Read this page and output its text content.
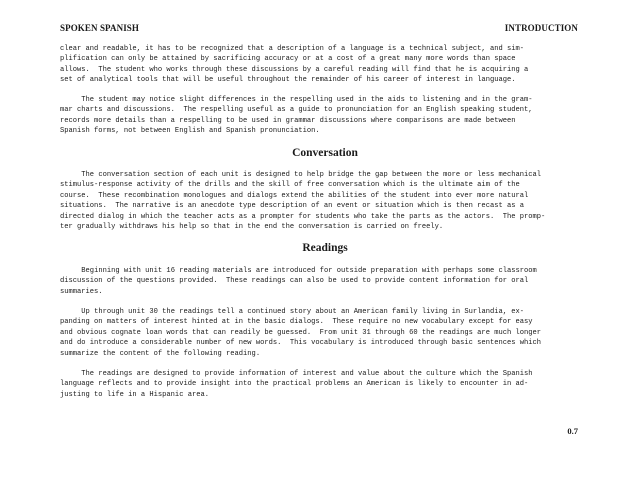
SPOKEN SPANISH	INTRODUCTION

clear and readable, it has to be recognized that a description of a language is a technical subject, and sim-
plification can only be attained by sacrificing accuracy or at a cost of a great many more words than space
allows.  The student who works through these discussions by a careful reading will find that he is acquiring a
set of analytical tools that will be useful throughout the remainder of his career of interest in language.

The student may notice slight differences in the respelling used in the aids to listening and in the gram-
mar charts and discussions.  The respelling useful as a guide to pronunciation for an English speaking student,
records more details than a respelling to be used in grammar discussions where comparisons are made between
Spanish forms, not between English and Spanish pronunciation.

Conversation

The conversation section of each unit is designed to help bridge the gap between the more or less mechanical
stimulus-response activity of the drills and the skill of free conversation which is the ultimate aim of the
course.  These recombination monologues and dialogs extend the abilities of the student into ever more natural
situations.  The narrative is an anecdote type description of an event or situation which is then recast as a
directed dialog in which the teacher acts as a prompter for students who take the parts as the actors.  The promp-
ter gradually withdraws his help so that in the end the conversation is carried on freely.

Readings

Beginning with unit 16 reading materials are introduced for outside preparation with perhaps some classroom
discussion of the questions provided.  These readings can also be used to provide content information for oral
summaries.

Up through unit 30 the readings tell a continued story about an American family living in Surlandia, ex-
panding on matters of interest hinted at in the basic dialogs.  These require no new vocabulary except for easy
and obvious cognate loan words that can readily be guessed.  From unit 31 through 60 the readings are much longer
and do introduce a considerable number of new words.  This vocabulary is introduced through basic sentences which
summarize the content of the following reading.

The readings are designed to provide information of interest and value about the culture which the Spanish
language reflects and to provide insight into the practical problems an American is likely to encounter in ad-
justing to life in a Hispanic area.

0.7
